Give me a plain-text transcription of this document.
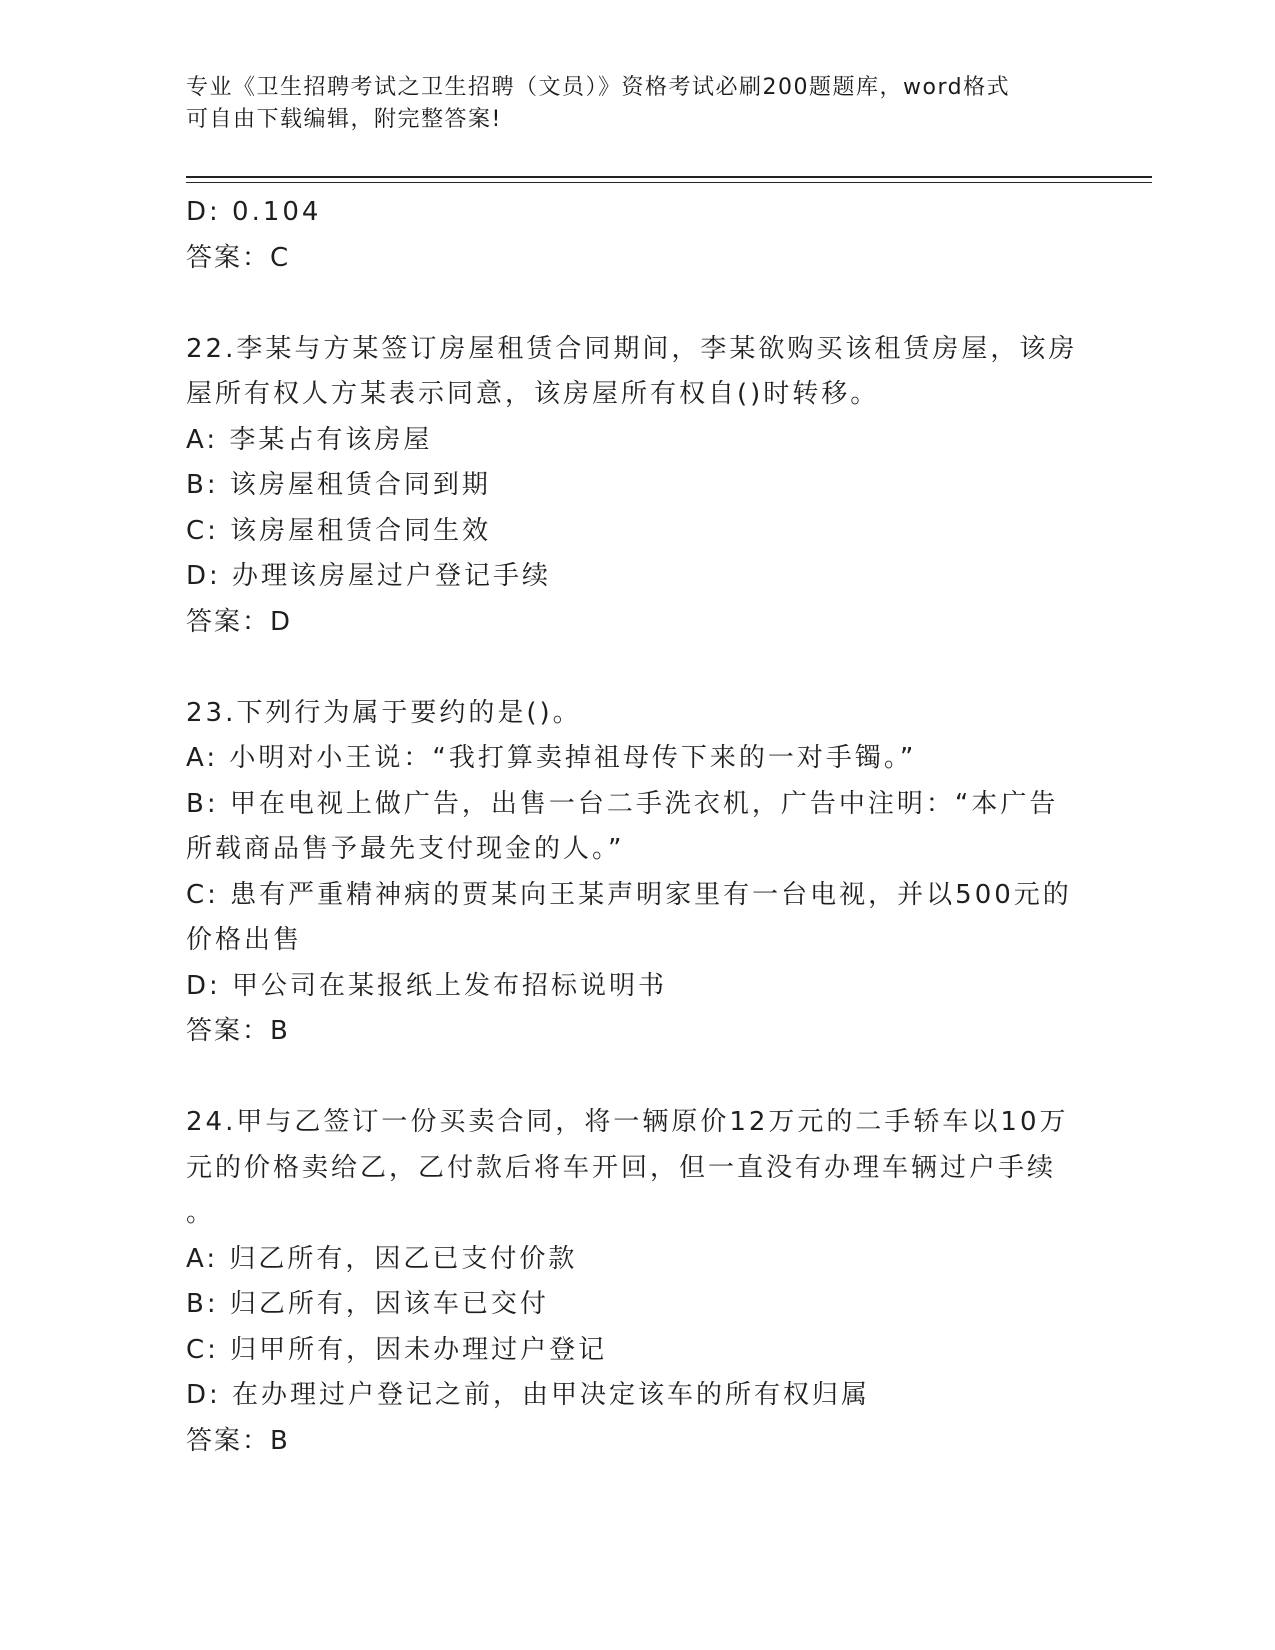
专业《卫生招聘考试之卫生招聘（文员）》资格考试必刷200题题库，word格式
可自由下载编辑，附完整答案!
D: 0.104
答案：C
22.李某与方某签订房屋租赁合同期间，李某欲购买该租赁房屋，该房
屋所有权人方某表示同意，该房屋所有权自()时转移。
A: 李某占有该房屋
B: 该房屋租赁合同到期
C: 该房屋租赁合同生效
D: 办理该房屋过户登记手续
答案：D
23.下列行为属于要约的是()。
A: 小明对小王说：“我打算卖掉祖母传下来的一对手镯。”
B: 甲在电视上做广告，出售一台二手洗衣机，广告中注明：“本广告
所载商品售予最先支付现金的人。”
C: 患有严重精神病的贾某向王某声明家里有一台电视，并以500元的
价格出售
D: 甲公司在某报纸上发布招标说明书
答案：B
24.甲与乙签订一份买卖合同，将一辆原价12万元的二手轿车以10万
元的价格卖给乙，乙付款后将车开回，但一直没有办理车辆过户手续
。
A: 归乙所有，因乙已支付价款
B: 归乙所有，因该车已交付
C: 归甲所有，因未办理过户登记
D: 在办理过户登记之前，由甲决定该车的所有权归属
答案：B
